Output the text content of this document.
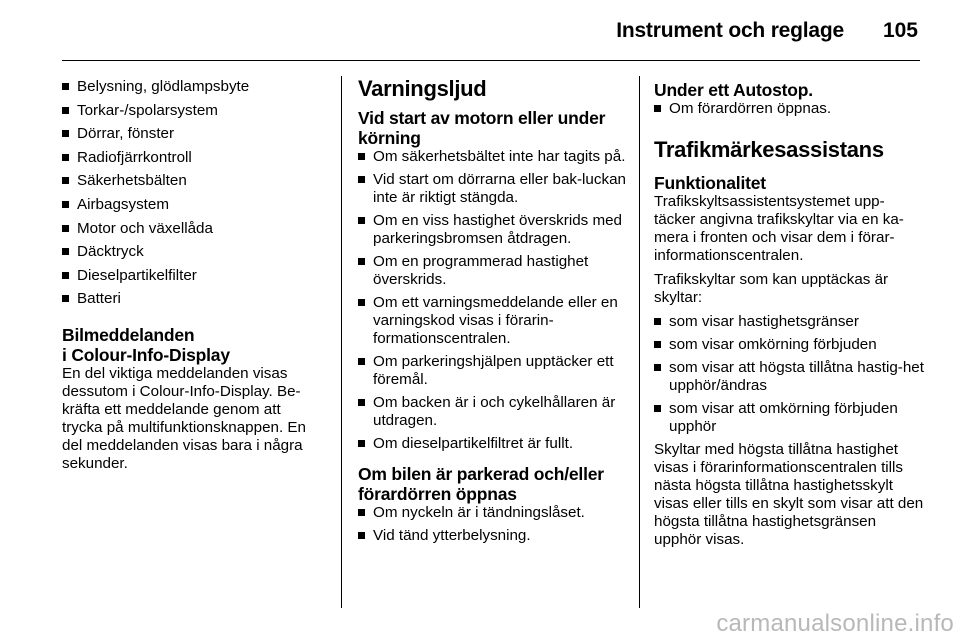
Instrument och reglage 105
Belysning, glödlampsbyte
Torkar-/spolarsystem
Dörrar, fönster
Radiofjärrkontroll
Säkerhetsbälten
Airbagsystem
Motor och växellåda
Däcktryck
Dieselpartikelfilter
Batteri
Bilmeddelanden
i Colour-Info-Display

En del viktiga meddelanden visas dessutom i Colour-Info-Display. Be-kräfta ett meddelande genom att trycka på multifunktionsknappen. En del meddelanden visas bara i några sekunder.

Varningsljud
Vid start av motorn eller under körning
Om säkerhetsbältet inte har tagits på.
Vid start om dörrarna eller bak-luckan inte är riktigt stängda.
Om en viss hastighet överskrids med parkeringsbromsen åtdragen.
Om en programmerad hastighet överskrids.
Om ett varningsmeddelande eller en varningskod visas i förarin-formationscentralen.
Om parkeringshjälpen upptäcker ett föremål.
Om backen är i och cykelhållaren är utdragen.
Om dieselpartikelfiltret är fullt.
Om bilen är parkerad och/eller förardörren öppnas
Om nyckeln är i tändningslåset.
Vid tänd ytterbelysning.
Under ett Autostop.
Om förardörren öppnas.
Trafikmärkesassistans
Funktionalitet

Trafikskyltsassistentsystemet upp-täcker angivna trafikskyltar via en ka-mera i fronten och visar dem i förar-informationscentralen.

Trafikskyltar som kan upptäckas är skyltar:

som visar hastighetsgränser
som visar omkörning förbjuden
som visar att högsta tillåtna hastig-het upphör/ändras
som visar att omkörning förbjuden upphör

Skyltar med högsta tillåtna hastighet visas i förarinformationscentralen tills nästa högsta tillåtna hastighetsskylt visas eller tills en skylt som visar att den högsta tillåtna hastighetsgränsen upphör visas.

carmanualsonline.info
